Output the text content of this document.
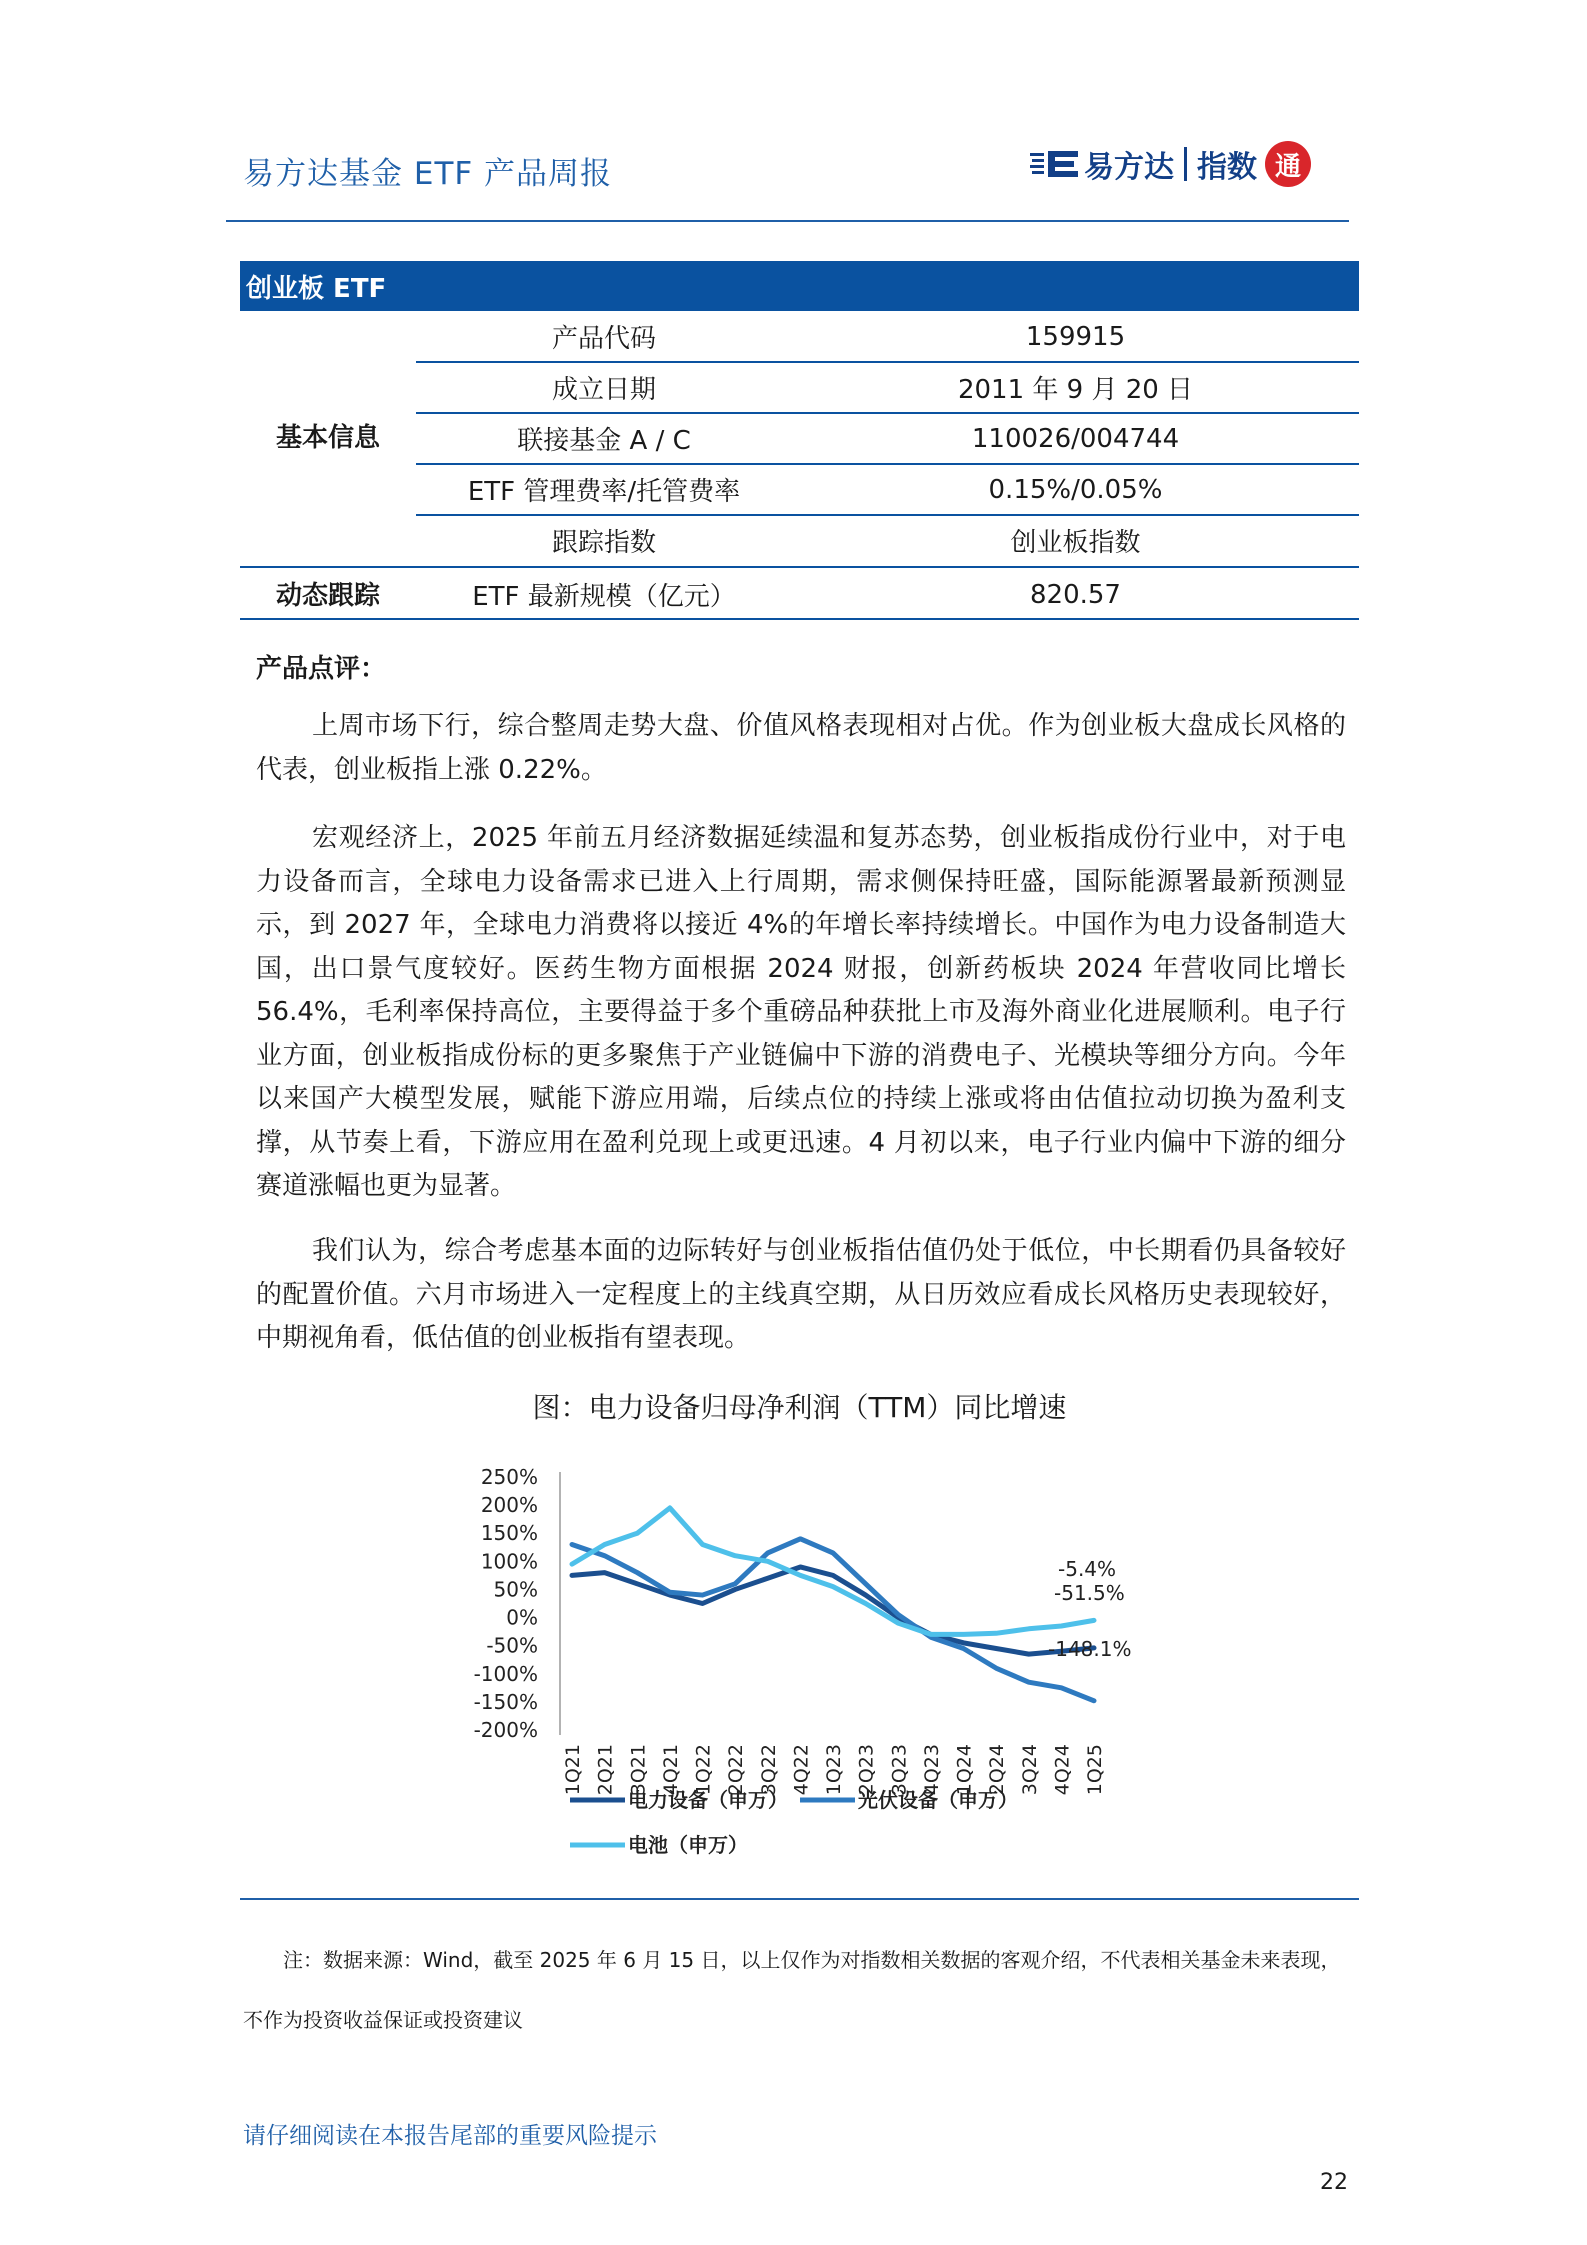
易方达基金 ETF 产品周报	易方达 指数 通
创业板 ETF
产品代码	159915
成立日期	2011 年 9 月 20 日
联接基金 A / C	110026/004744
ETF 管理费率/托管费率	0.15%/0.05%
跟踪指数	创业板指数
基本信息
动态跟踪	ETF 最新规模（亿元）	820.57
产品点评：
上周市场下行，综合整周走势大盘、价值风格表现相对占优。作为创业板大盘成长风格的代表，创业板指上涨 0.22%。
宏观经济上，2025 年前五月经济数据延续温和复苏态势，创业板指成份行业中，对于电力设备而言，全球电力设备需求已进入上行周期，需求侧保持旺盛，国际能源署最新预测显示，到 2027 年，全球电力消费将以接近 4%的年增长率持续增长。中国作为电力设备制造大国，出口景气度较好。医药生物方面根据 2024 财报，创新药板块 2024 年营收同比增长 56.4%，毛利率保持高位，主要得益于多个重磅品种获批上市及海外商业化进展顺利。电子行业方面，创业板指成份标的更多聚焦于产业链偏中下游的消费电子、光模块等细分方向。今年以来国产大模型发展，赋能下游应用端，后续点位的持续上涨或将由估值拉动切换为盈利支撑，从节奏上看，下游应用在盈利兑现上或更迅速。4 月初以来，电子行业内偏中下游的细分赛道涨幅也更为显著。
我们认为，综合考虑基本面的边际转好与创业板指估值仍处于低位，中长期看仍具备较好的配置价值。六月市场进入一定程度上的主线真空期，从日历效应看成长风格历史表现较好，中期视角看，低估值的创业板指有望表现。
图：电力设备归母净利润（TTM）同比增速
250%
200%
150%
100%
50%
0%
-50%
-100%
-150%
-200%
1Q21 2Q21 3Q21 4Q21 1Q22 2Q22 3Q22 4Q22 1Q23 2Q23 3Q23 4Q23 1Q24 2Q24 3Q24 4Q24 1Q25
-5.4%
-51.5%
-148.1%
电力设备（申万）	光伏设备（申万）
电池（申万）
注：数据来源：Wind，截至 2025 年 6 月 15 日，以上仅作为对指数相关数据的客观介绍，不代表相关基金未来表现，不作为投资收益保证或投资建议
请仔细阅读在本报告尾部的重要风险提示
22
